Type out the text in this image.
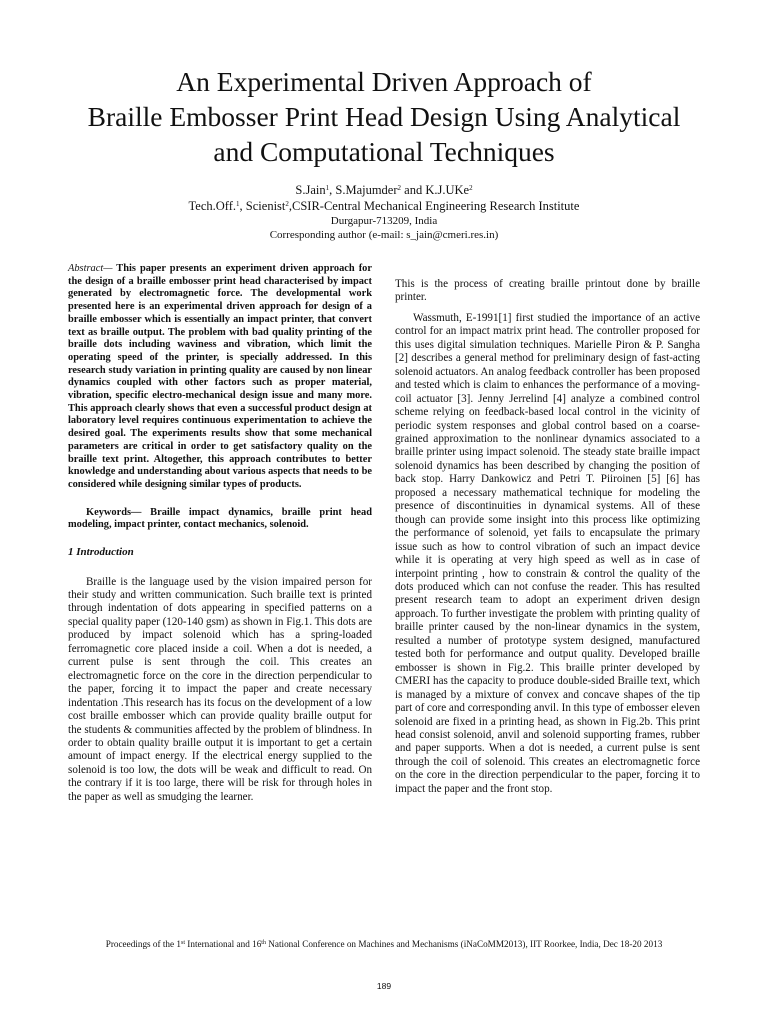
An Experimental Driven Approach of
Braille Embosser Print Head Design Using Analytical
and Computational Techniques
S.Jain$^1$, S.Majumder$^2$ and K.J.UKe$^2$
Tech.Off.$^1$, Scienist$^2$,CSIR-Central Mechanical Engineering Research Institute
Durgapur-713209, India
Corresponding author (e-mail: s_jain@cmeri.res.in)
Abstract— This paper presents an experiment driven approach for the design of a braille embosser print head characterised by impact generated by electromagnetic force. The developmental work presented here is an experimental driven approach for design of a braille embosser which is essentially an impact printer, that convert text as braille output. The problem with bad quality printing of the braille dots including waviness and vibration, which limit the operating speed of the printer, is specially addressed. In this research study variation in printing quality are caused by non linear dynamics coupled with other factors such as proper material, vibration, specific electro-mechanical design issue and many more. This approach clearly shows that even a successful product design at laboratory level requires continuous experimentation to achieve the desired goal. The experiments results show that some mechanical parameters are critical in order to get satisfactory quality on the braille text print. Altogether, this approach contributes to better knowledge and understanding about various aspects that needs to be considered while designing similar types of products.
Keywords— Braille impact dynamics, braille print head modeling, impact printer, contact mechanics, solenoid.
1 Introduction
Braille is the language used by the vision impaired person for their study and written communication. Such braille text is printed through indentation of dots appearing in specified patterns on a special quality paper (120-140 gsm) as shown in Fig.1. This dots are produced by impact solenoid which has a spring-loaded ferromagnetic core placed inside a coil. When a dot is needed, a current pulse is sent through the coil. This creates an electromagnetic force on the core in the direction perpendicular to the paper, forcing it to impact the paper and create necessary indentation .This research has its focus on the development of a low cost braille embosser which can provide quality braille output for the students & communities affected by the problem of blindness. In order to obtain quality braille output it is important to get a certain amount of impact energy. If the electrical energy supplied to the solenoid is too low, the dots will be weak and difficult to read. On the contrary if it is too large, there will be risk for through holes in the paper as well as smudging the learner.
This is the process of creating braille printout done by braille printer.
Wassmuth, E-1991[1] first studied the importance of an active control for an impact matrix print head. The controller proposed for this uses digital simulation techniques. Marielle Piron & P. Sangha [2] describes a general method for preliminary design of fast-acting solenoid actuators. An analog feedback controller has been proposed and tested which is claim to enhances the performance of a moving-coil actuator [3]. Jenny Jerrelind [4] analyze a combined control scheme relying on feedback-based local control in the vicinity of periodic system responses and global control based on a coarse-grained approximation to the nonlinear dynamics associated to a braille printer using impact solenoid. The steady state braille impact solenoid dynamics has been described by changing the position of back stop. Harry Dankowicz and Petri T. Piiroinen [5] [6] has proposed a necessary mathematical technique for modeling the presence of discontinuities in dynamical systems. All of these though can provide some insight into this process like optimizing the performance of solenoid, yet fails to encapsulate the primary issue such as how to control vibration of such an impact device while it is operating at very high speed as well as in case of interpoint printing , how to constrain & control the quality of the dots produced which can not confuse the reader. This has resulted present research team to adopt an experiment driven design approach. To further investigate the problem with printing quality of braille printer caused by the non-linear dynamics in the system, resulted a number of prototype system designed, manufactured tested both for performance and output quality. Developed braille embosser is shown in Fig.2. This braille printer developed by CMERI has the capacity to produce double-sided Braille text, which is managed by a mixture of convex and concave shapes of the tip part of core and corresponding anvil. In this type of embosser eleven solenoid are fixed in a printing head, as shown in Fig.2b. This print head consist solenoid, anvil and solenoid supporting frames, rubber and paper supports. When a dot is needed, a current pulse is sent through the coil of solenoid. This creates an electromagnetic force on the core in the direction perpendicular to the paper, forcing it to impact the paper and the front stop.
Proceedings of the 1st International and 16th National Conference on Machines and Mechanisms (iNaCoMM2013), IIT Roorkee, India, Dec 18-20 2013
189
